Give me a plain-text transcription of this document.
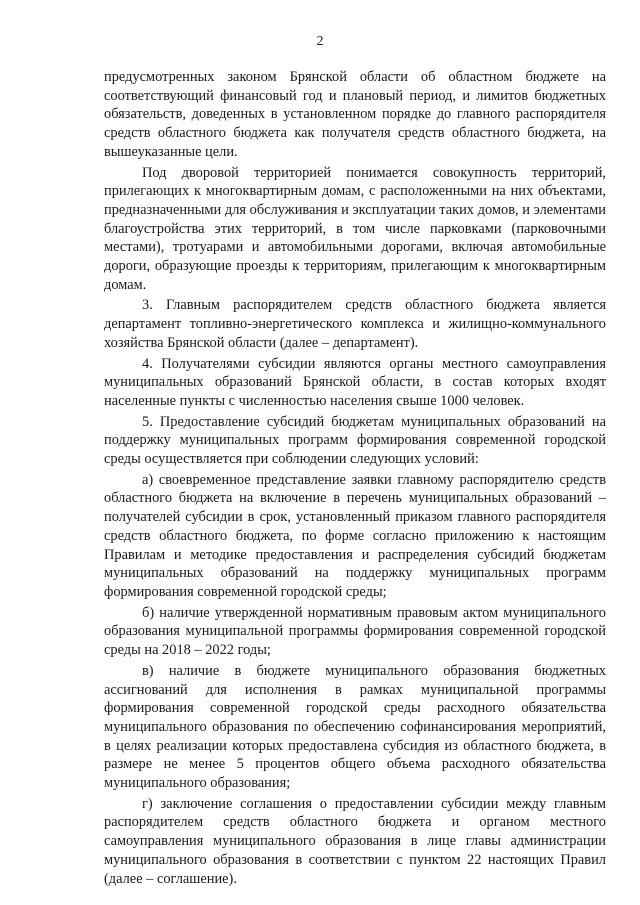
2

предусмотренных законом Брянской области об областном бюджете на соответствующий финансовый год и плановый период, и лимитов бюджетных обязательств, доведенных в установленном порядке до главного распорядителя средств областного бюджета как получателя средств областного бюджета, на вышеуказанные цели.

Под дворовой территорией понимается совокупность территорий, прилегающих к многоквартирным домам, с расположенными на них объектами, предназначенными для обслуживания и эксплуатации таких домов, и элементами благоустройства этих территорий, в том числе парковками (парковочными местами), тротуарами и автомобильными дорогами, включая автомобильные дороги, образующие проезды к территориям, прилегающим к многоквартирным домам.

3. Главным распорядителем средств областного бюджета является департамент топливно-энергетического комплекса и жилищно-коммунального хозяйства Брянской области (далее – департамент).

4. Получателями субсидии являются органы местного самоуправления муниципальных образований Брянской области, в состав которых входят населенные пункты с численностью населения свыше 1000 человек.

5. Предоставление субсидий бюджетам муниципальных образований на поддержку муниципальных программ формирования современной городской среды осуществляется при соблюдении следующих условий:

а) своевременное представление заявки главному распорядителю средств областного бюджета на включение в перечень муниципальных образований – получателей субсидии в срок, установленный приказом главного распорядителя средств областного бюджета, по форме согласно приложению к настоящим Правилам и методике предоставления и распределения субсидий бюджетам муниципальных образований на поддержку муниципальных программ формирования современной городской среды;

б) наличие утвержденной нормативным правовым актом муниципального образования муниципальной программы формирования современной городской среды на 2018 – 2022 годы;

в) наличие в бюджете муниципального образования бюджетных ассигнований для исполнения в рамках муниципальной программы формирования современной городской среды расходного обязательства муниципального образования по обеспечению софинансирования мероприятий, в целях реализации которых предоставлена субсидия из областного бюджета, в размере не менее 5 процентов общего объема расходного обязательства муниципального образования;

г) заключение соглашения о предоставлении субсидии между главным распорядителем средств областного бюджета и органом местного самоуправления муниципального образования в лице главы администрации муниципального образования в соответствии с пунктом 22 настоящих Правил (далее – соглашение).
